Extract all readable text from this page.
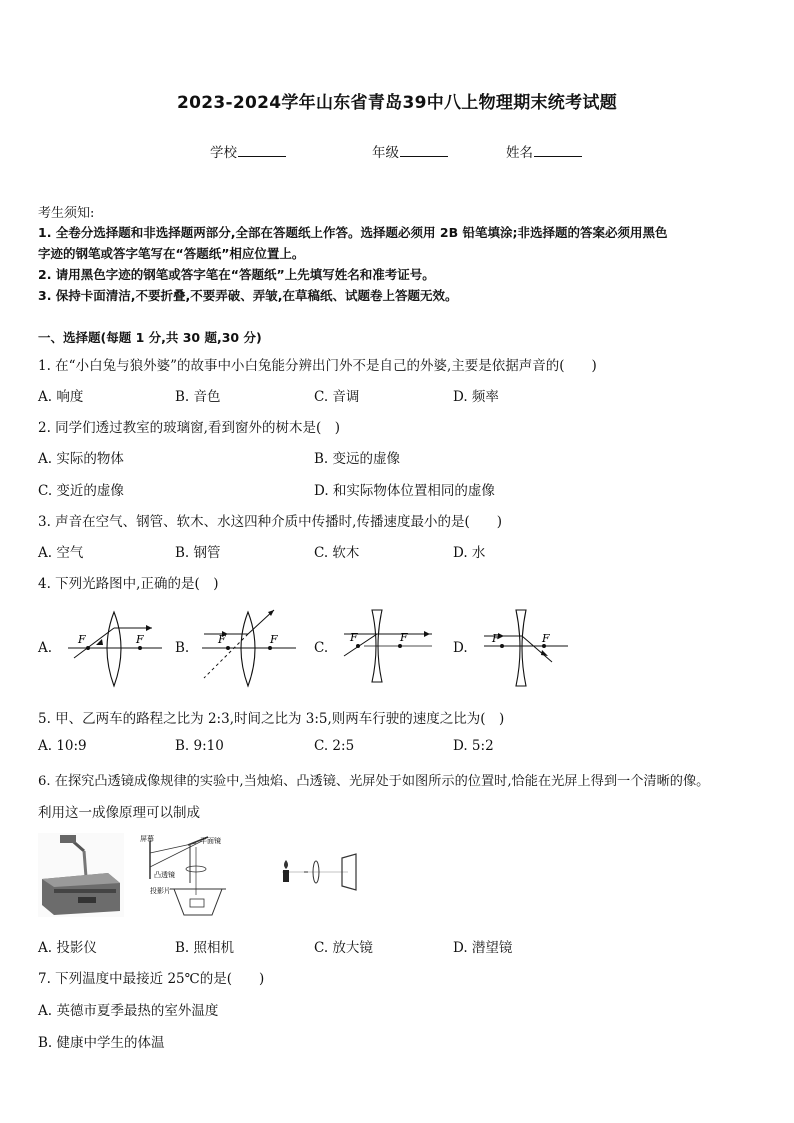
2023-2024学年山东省青岛39中八上物理期末统考试题
学校	年级	姓名
考生须知:
1. 全卷分选择题和非选择题两部分,全部在答题纸上作答。选择题必须用 2B 铅笔填涂;非选择题的答案必须用黑色
字迹的钢笔或答字笔写在“答题纸”相应位置上。
2. 请用黑色字迹的钢笔或答字笔在“答题纸”上先填写姓名和准考证号。
3. 保持卡面清洁,不要折叠,不要弄破、弄皱,在草稿纸、试题卷上答题无效。
一、选择题(每题 1 分,共 30 题,30 分)
1. 在“小白兔与狼外婆”的故事中小白兔能分辨出门外不是自己的外婆,主要是依据声音的(　　)
A. 响度	B. 音色	C. 音调	D. 频率
2. 同学们透过教室的玻璃窗,看到窗外的树木是(　)
A. 实际的物体	B. 变远的虚像
C. 变近的虚像	D. 和实际物体位置相同的虚像
3. 声音在空气、钢管、软木、水这四种介质中传播时,传播速度最小的是(　　)
A. 空气	B. 钢管	C. 软木	D. 水
4. 下列光路图中,正确的是(　)
A.	B.	C.	D.
F	F	F	F	F	F	F	F
5. 甲、乙两车的路程之比为 2:3,时间之比为 3:5,则两车行驶的速度之比为(　)
A. 10:9	B. 9:10	C. 2:5	D. 5:2
6. 在探究凸透镜成像规律的实验中,当烛焰、凸透镜、光屏处于如图所示的位置时,恰能在光屏上得到一个清晰的像。
利用这一成像原理可以制成
屏幕	平面镜
凸透镜
投影片
A. 投影仪	B. 照相机	C. 放大镜	D. 潜望镜
7. 下列温度中最接近 25℃的是(　　)
A. 英德市夏季最热的室外温度
B. 健康中学生的体温
